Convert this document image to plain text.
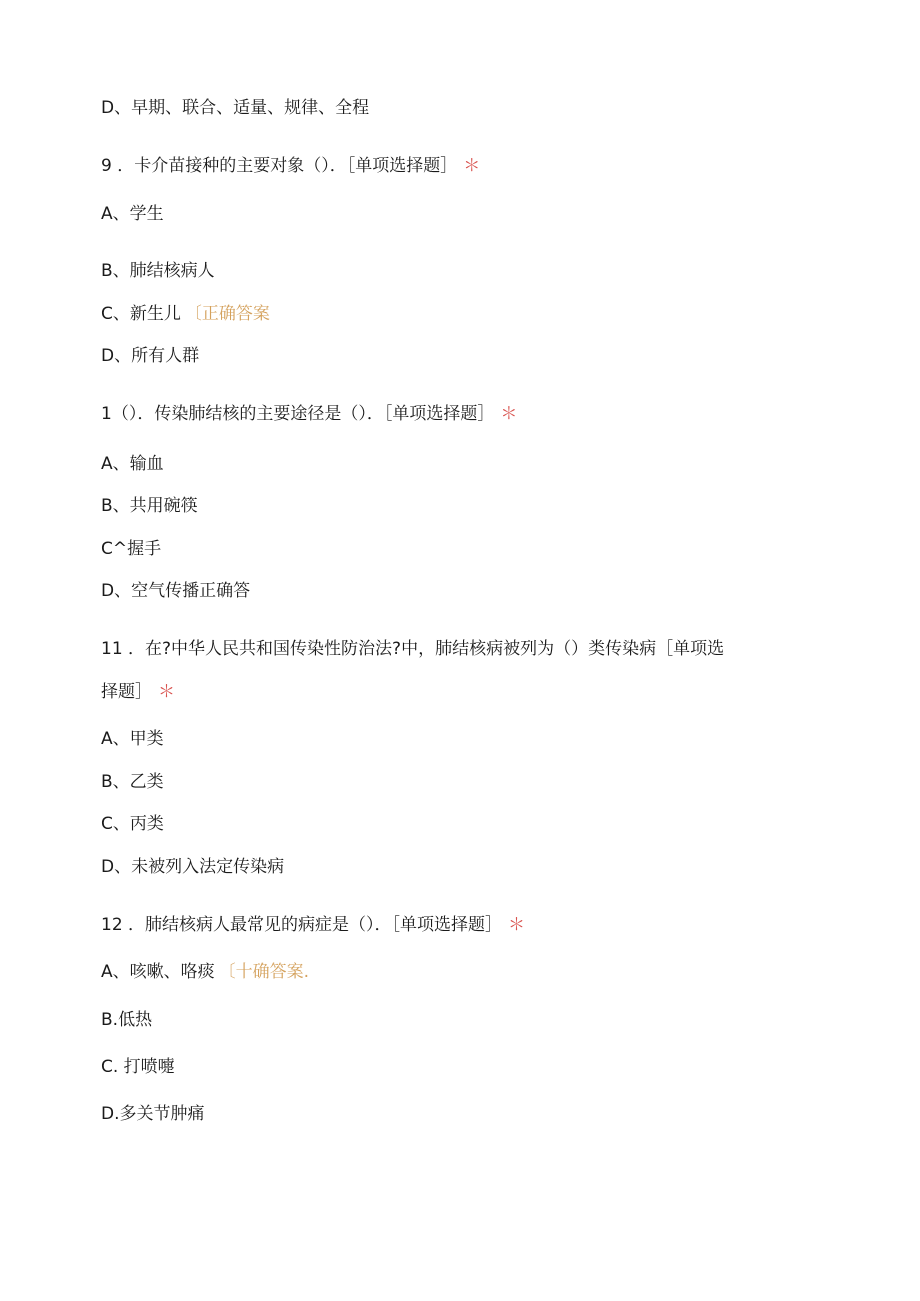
D、早期、联合、适量、规律、全程
9 ．卡介苗接种的主要对象（）．［单项选择题］ ＊
A、学生
B、肺结核病人
C、新生儿 〔正确答案
D、所有人群
1（）．传染肺结核的主要途径是（）．［单项选择题］ ＊
A、输血
B、共用碗筷
C^握手
D、空气传播正确答
11 ．在?中华人民共和国传染性防治法?中，肺结核病被列为（）类传染病［单项选
择题］ ＊
A、甲类
B、乙类
C、丙类
D、未被列入法定传染病
12 ．肺结核病人最常见的病症是（）．［单项选择题］ ＊
A、咳嗽、咯痰 〔十确答案.
B.低热
C. 打喷嚏
D.多关节肿痛
